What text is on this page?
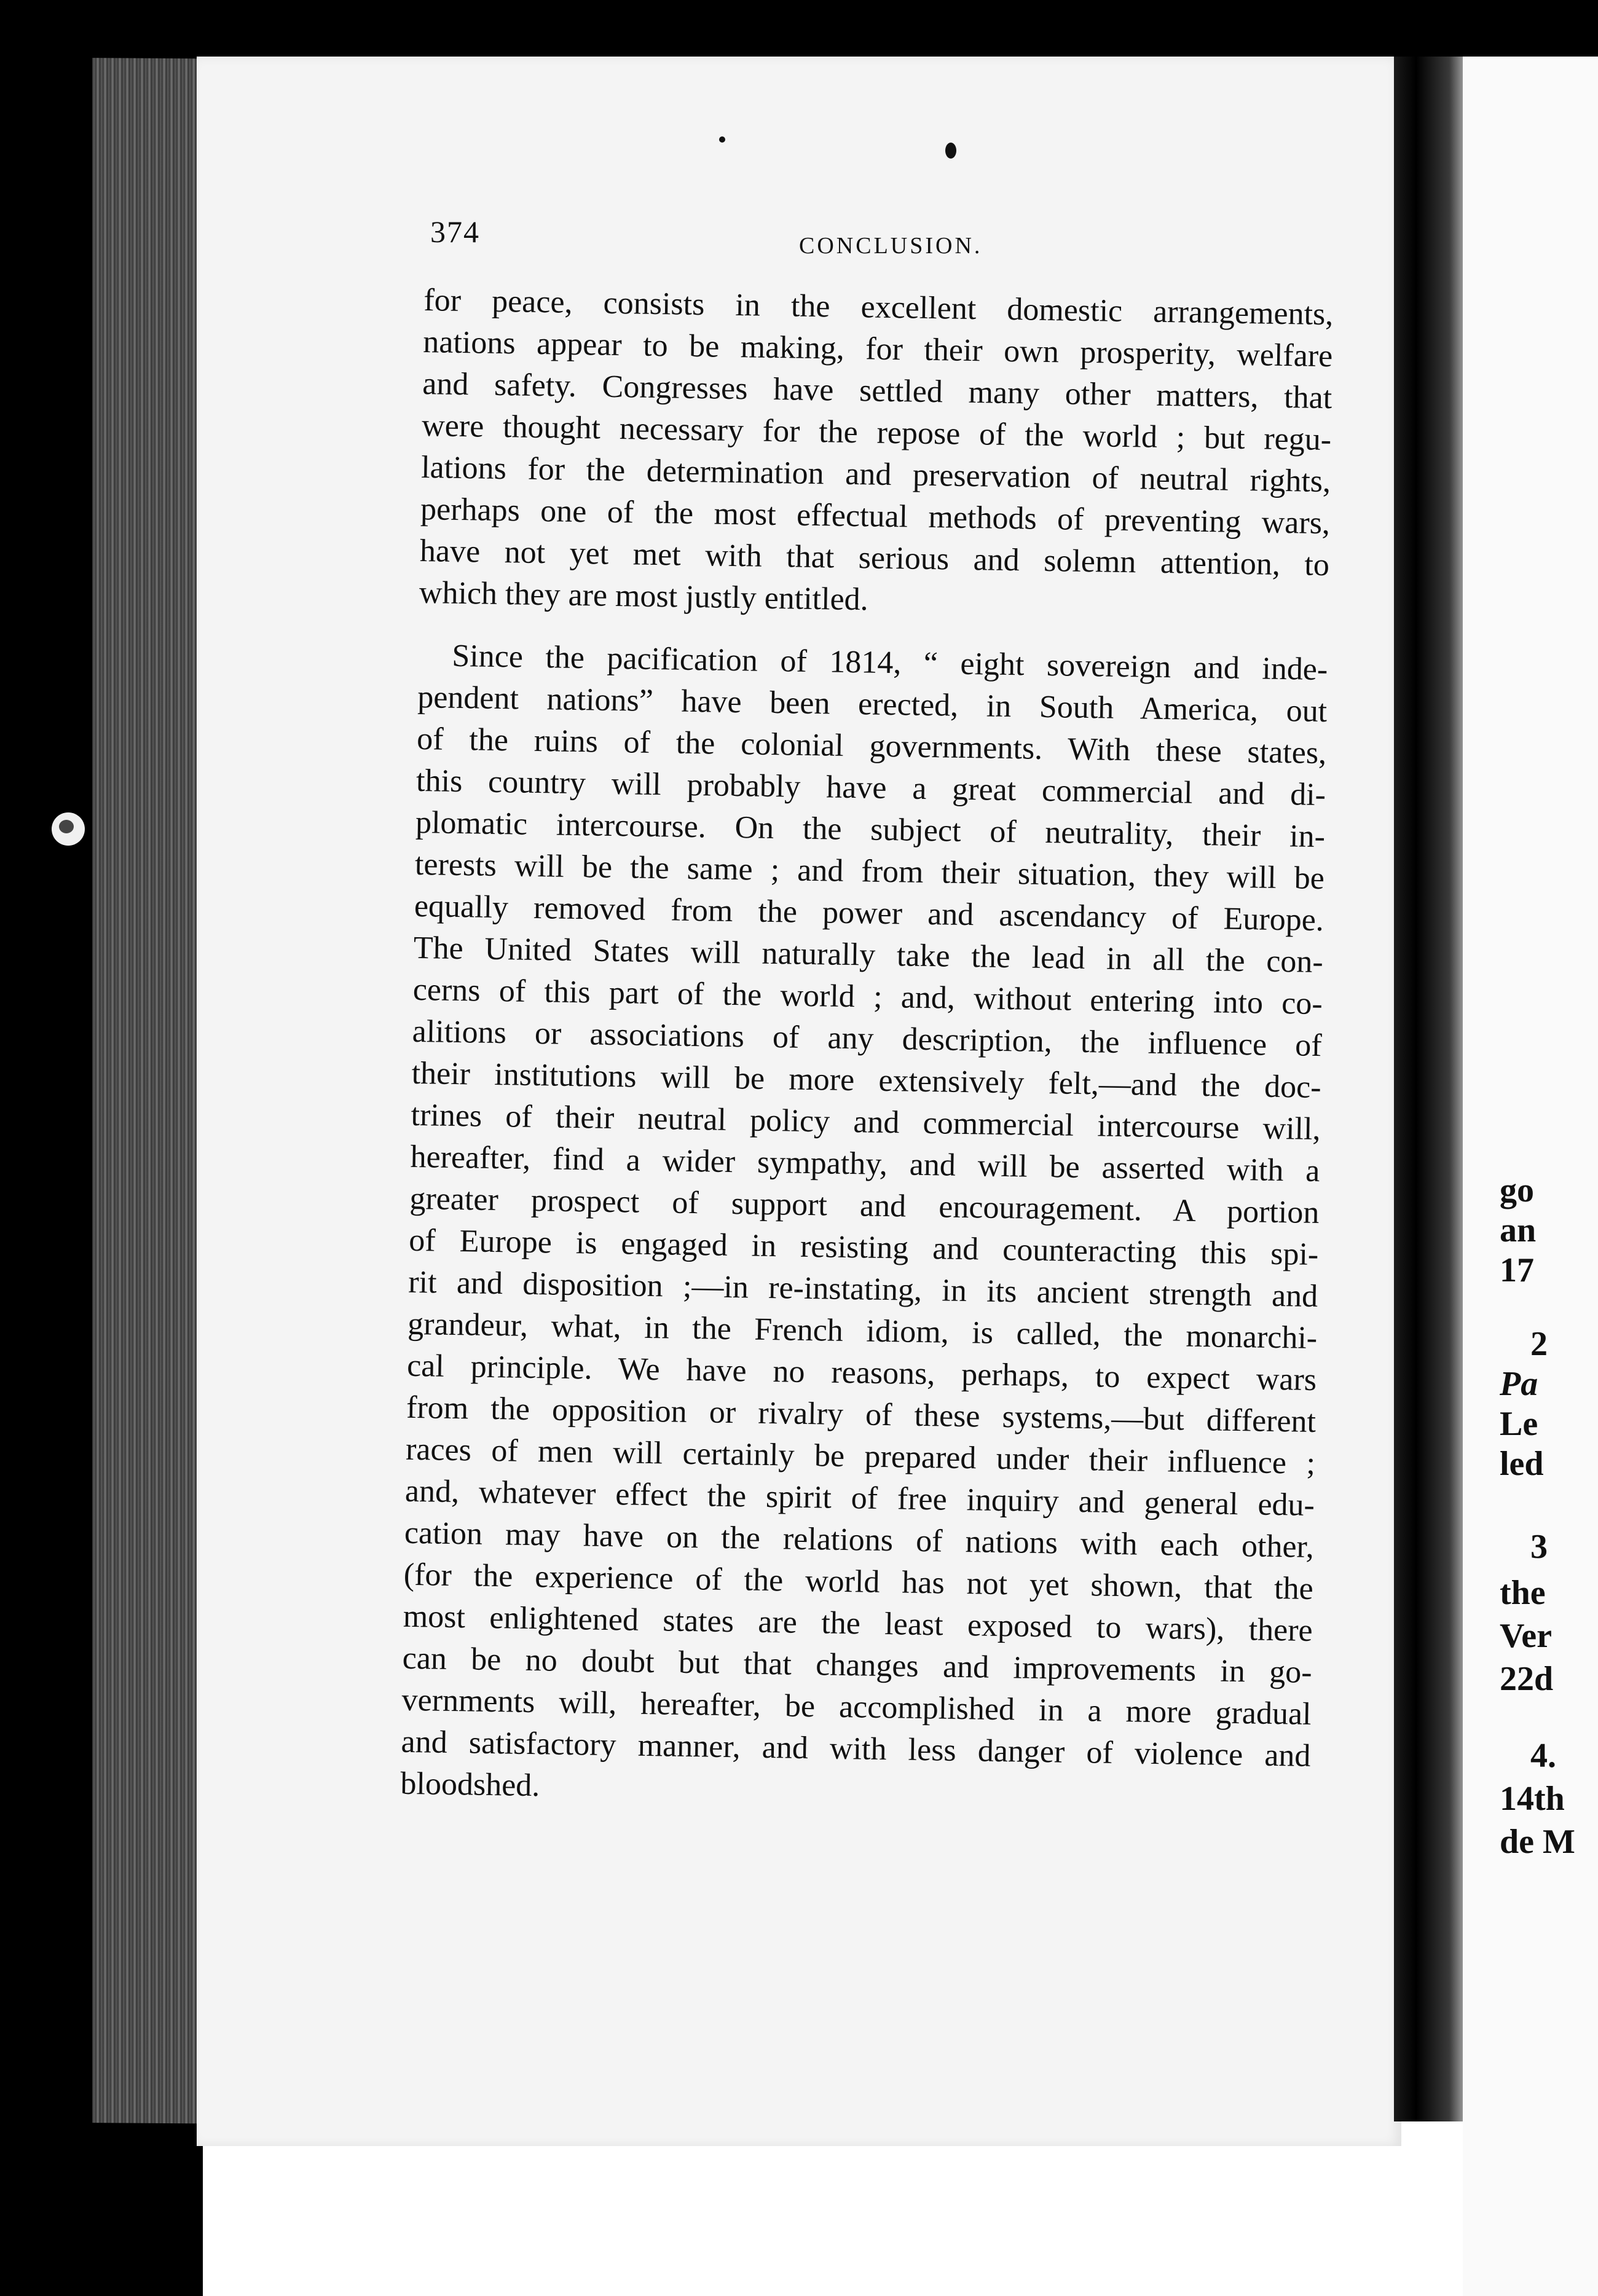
go
an
17
2
Pa
Le
led
3
the
Ver
22d
4.
14th
de M
374	CONCLUSION.
for peace, consists in the excellent domestic arrangements,
nations appear to be making, for their own prosperity, welfare
and safety. Congresses have settled many other matters, that
were thought necessary for the repose of the world ; but regu-
lations for the determination and preservation of neutral rights,
perhaps one of the most effectual methods of preventing wars,
have not yet met with that serious and solemn attention, to
which they are most justly entitled.
Since the pacification of 1814, “ eight sovereign and inde-
pendent nations” have been erected, in South America, out
of the ruins of the colonial governments. With these states,
this country will probably have a great commercial and di-
plomatic intercourse. On the subject of neutrality, their in-
terests will be the same ; and from their situation, they will be
equally removed from the power and ascendancy of Europe.
The United States will naturally take the lead in all the con-
cerns of this part of the world ; and, without entering into co-
alitions or associations of any description, the influence of
their institutions will be more extensively felt,—and the doc-
trines of their neutral policy and commercial intercourse will,
hereafter, find a wider sympathy, and will be asserted with a
greater prospect of support and encouragement. A portion
of Europe is engaged in resisting and counteracting this spi-
rit and disposition ;—in re-instating, in its ancient strength and
grandeur, what, in the French idiom, is called, the monarchi-
cal principle. We have no reasons, perhaps, to expect wars
from the opposition or rivalry of these systems,—but different
races of men will certainly be prepared under their influence ;
and, whatever effect the spirit of free inquiry and general edu-
cation may have on the relations of nations with each other,
(for the experience of the world has not yet shown, that the
most enlightened states are the least exposed to wars), there
can be no doubt but that changes and improvements in go-
vernments will, hereafter, be accomplished in a more gradual
and satisfactory manner, and with less danger of violence and
bloodshed.
